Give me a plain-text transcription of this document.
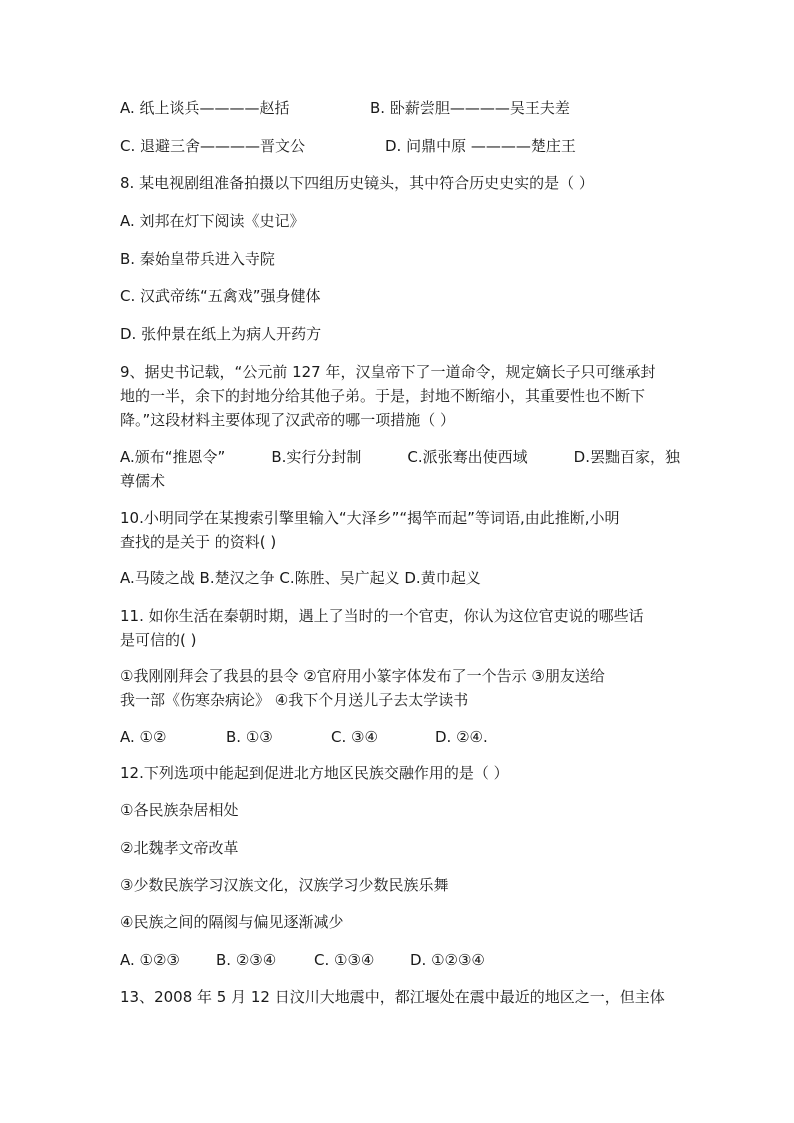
A. 纸上谈兵————赵括	B. 卧薪尝胆————吴王夫差
C. 退避三舍————晋文公	D. 问鼎中原 ————楚庄王
8. 某电视剧组准备拍摄以下四组历史镜头，其中符合历史史实的是（ ）
A. 刘邦在灯下阅读《史记》
B. 秦始皇带兵进入寺院
C. 汉武帝练“五禽戏”强身健体
D. 张仲景在纸上为病人开药方
9、据史书记载，“公元前 127 年，汉皇帝下了一道命令，规定嫡长子只可继承封
地的一半，余下的封地分给其他子弟。于是，封地不断缩小，其重要性也不断下
降。”这段材料主要体现了汉武帝的哪一项措施（ ）
A.颁布“推恩令”	B.实行分封制	C.派张骞出使西域	D.罢黜百家，独
尊儒术
10.小明同学在某搜索引擎里输入“大泽乡”“揭竿而起”等词语,由此推断,小明
查找的是关于 的资料( )
A.马陵之战 B.楚汉之争 C.陈胜、吴广起义 D.黄巾起义
11. 如你生活在秦朝时期，遇上了当时的一个官吏，你认为这位官吏说的哪些话
是可信的( )
①我刚刚拜会了我县的县令 ②官府用小篆字体发布了一个告示 ③朋友送给
我一部《伤寒杂病论》 ④我下个月送儿子去太学读书
A. ①②	B. ①③	C. ③④	D. ②④.
12.下列选项中能起到促进北方地区民族交融作用的是（ ）
①各民族杂居相处
②北魏孝文帝改革
③少数民族学习汉族文化，汉族学习少数民族乐舞
④民族之间的隔阂与偏见逐渐减少
A. ①②③ B. ②③④	C. ①③④ D. ①②③④
13、2008 年 5 月 12 日汶川大地震中，都江堰处在震中最近的地区之一，但主体
